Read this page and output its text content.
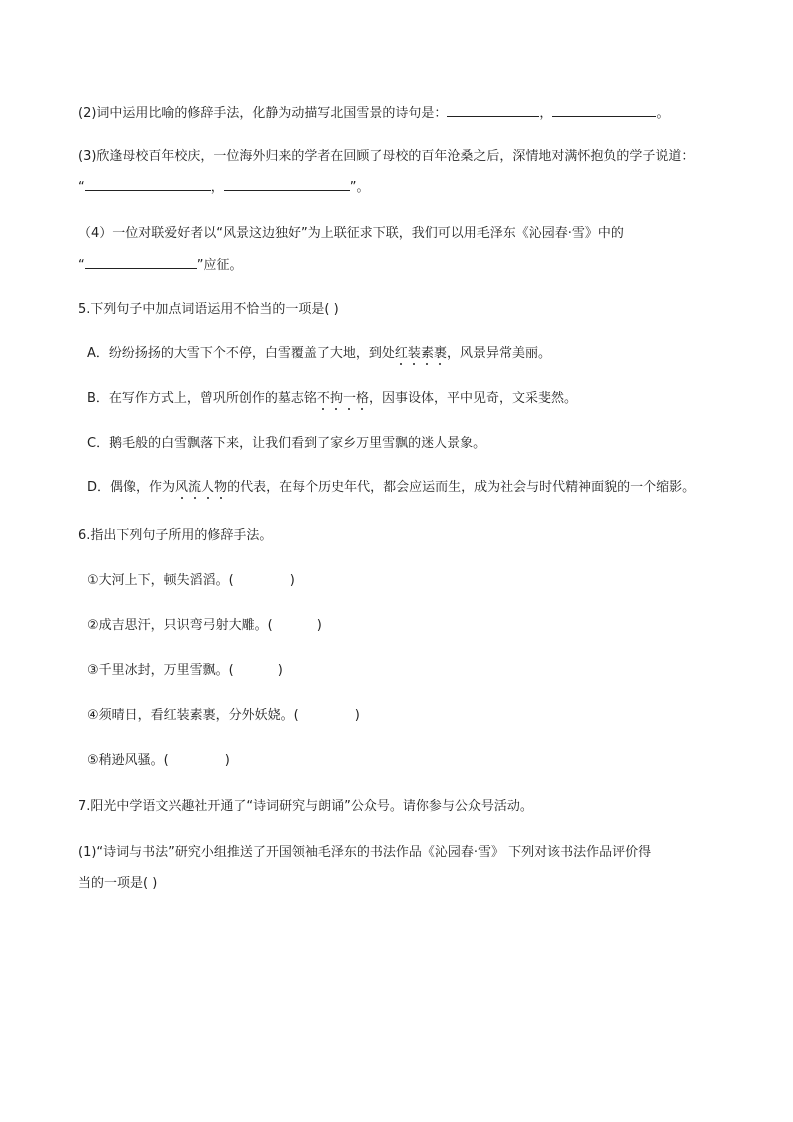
(2)词中运用比喻的修辞手法，化静为动描写北国雪景的诗句是：	，	。
(3)欣逢母校百年校庆，一位海外归来的学者在回顾了母校的百年沧桑之后，深情地对满怀抱负的学子说道：
“	，	”。
（4）一位对联爱好者以“风景这边独好”为上联征求下联，我们可以用毛泽东《沁园春·雪》中的
“	”应征。
5.下列句子中加点词语运用不恰当的一项是( )
A．纷纷扬扬的大雪下个不停，白雪覆盖了大地，到处红装素裹，风景异常美丽。
B．在写作方式上，曾巩所创作的墓志铭不拘一格，因事设体，平中见奇，文采斐然。
C．鹅毛般的白雪飘落下来，让我们看到了家乡万里雪飘的迷人景象。
D．偶像，作为风流人物的代表，在每个历史年代，都会应运而生，成为社会与时代精神面貌的一个缩影。
6.指出下列句子所用的修辞手法。
①大河上下，顿失滔滔。(	)
②成吉思汗，只识弯弓射大雕。(	)
③千里冰封，万里雪飘。(	)
④须晴日，看红装素裹，分外妖娆。(	)
⑤稍逊风骚。(	)
7.阳光中学语文兴趣社开通了“诗词研究与朗诵”公众号。请你参与公众号活动。
(1)“诗词与书法”研究小组推送了开国领袖毛泽东的书法作品《沁园春·雪》 下列对该书法作品评价得
当的一项是( )
